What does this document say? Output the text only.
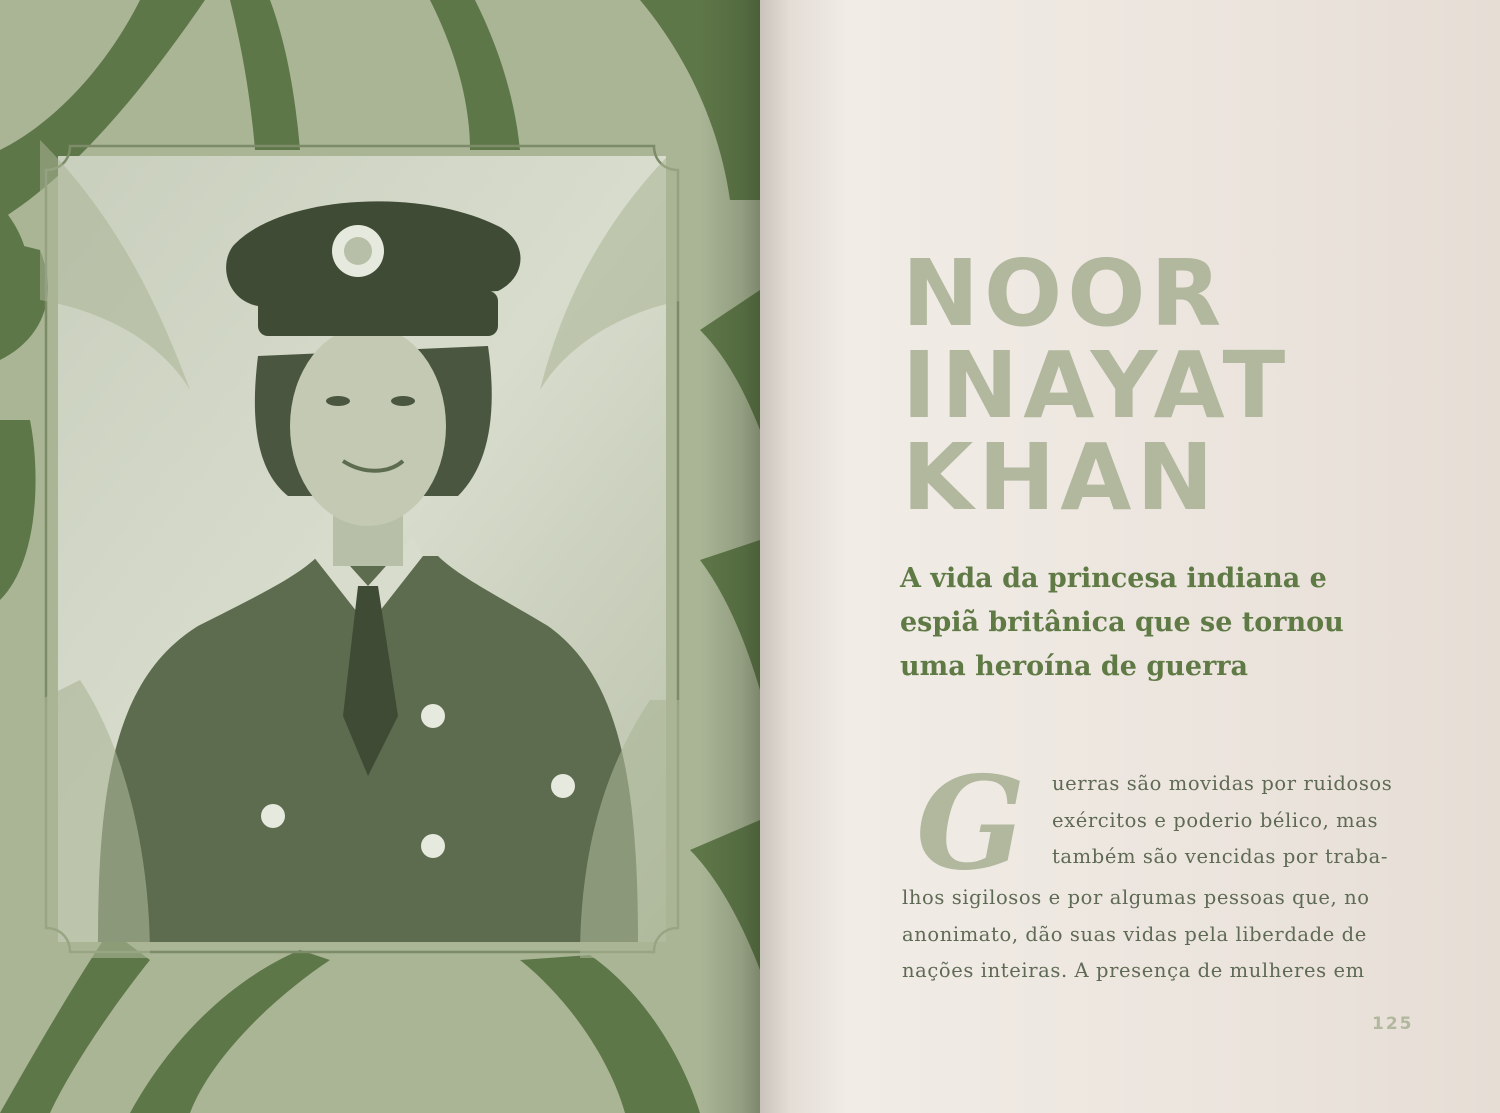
NOOR
INAYAT
KHAN

A vida da princesa indiana e
espiã britânica que se tornou
uma heroína de guerra

G	uerras são movidas por ruidosos
exércitos e poderio bélico, mas
também são vencidas por traba-
lhos sigilosos e por algumas pessoas que, no
anonimato, dão suas vidas pela liberdade de
nações inteiras. A presença de mulheres em
125
